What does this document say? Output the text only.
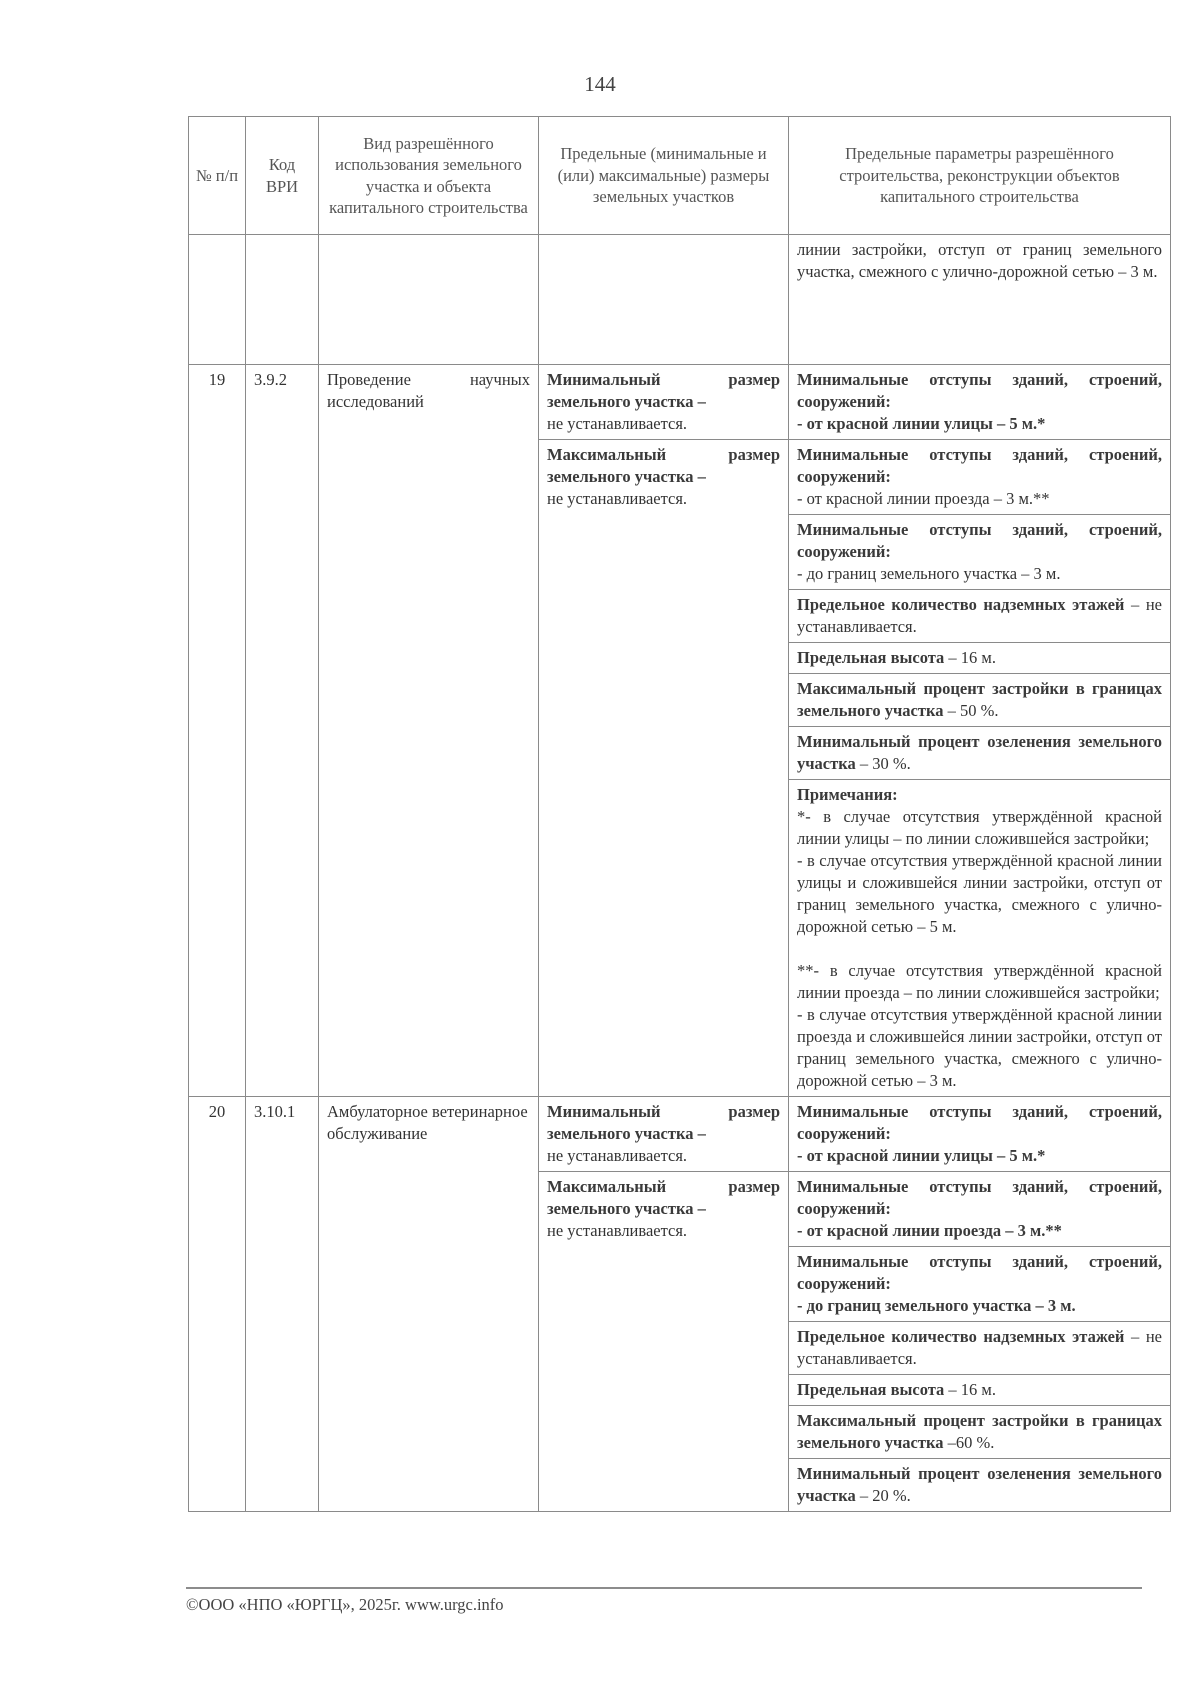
144
№ п/п	Код ВРИ	Вид разрешённого использования земельного участка и объекта капитального строительства	Предельные (минимальные и (или) максимальные) размеры земельных участков	Предельные параметры разрешённого строительства, реконструкции объектов капитального строительства
				линии застройки, отступ от границ земельного участка, смежного с улично-дорожной сетью – 3 м.
19	3.9.2	Проведение научных исследований	Минимальный размер земельного участка –
не устанавливается.	Минимальные отступы зданий, строений, сооружений:
- от красной линии улицы – 5 м.*
			Максимальный размер земельного участка –
не устанавливается.	Минимальные отступы зданий, строений, сооружений:
- от красной линии проезда – 3 м.**
				Минимальные отступы зданий, строений, сооружений:
- до границ земельного участка – 3 м.
				Предельное количество надземных этажей – не устанавливается.
				Предельная высота – 16 м.
				Максимальный процент застройки в границах земельного участка – 50 %.
				Минимальный процент озеленения земельного участка – 30 %.

				Примечания:

*- в случае отсутствия утверждённой красной линии улицы – по линии сложившейся застройки;

- в случае отсутствия утверждённой красной линии улицы и сложившейся линии застройки, отступ от границ земельного участка, смежного с улично-дорожной сетью – 5 м.

**- в случае отсутствия утверждённой красной линии проезда – по линии сложившейся застройки;

- в случае отсутствия утверждённой красной линии проезда и сложившейся линии застройки, отступ от границ земельного участка, смежного с улично-дорожной сетью – 3 м.

20	3.10.1	Амбулаторное ветеринарное обслуживание	Минимальный размер земельного участка –
не устанавливается.	Минимальные отступы зданий, строений, сооружений:
- от красной линии улицы – 5 м.*
			Максимальный размер земельного участка –
не устанавливается.	Минимальные отступы зданий, строений, сооружений:
- от красной линии проезда – 3 м.**
				Минимальные отступы зданий, строений, сооружений:
- до границ земельного участка – 3 м.
				Предельное количество надземных этажей – не устанавливается.
				Предельная высота – 16 м.
				Максимальный процент застройки в границах земельного участка –60 %.
				Минимальный процент озеленения земельного участка – 20 %.
©ООО «НПО «ЮРГЦ», 2025г. www.urgc.info
